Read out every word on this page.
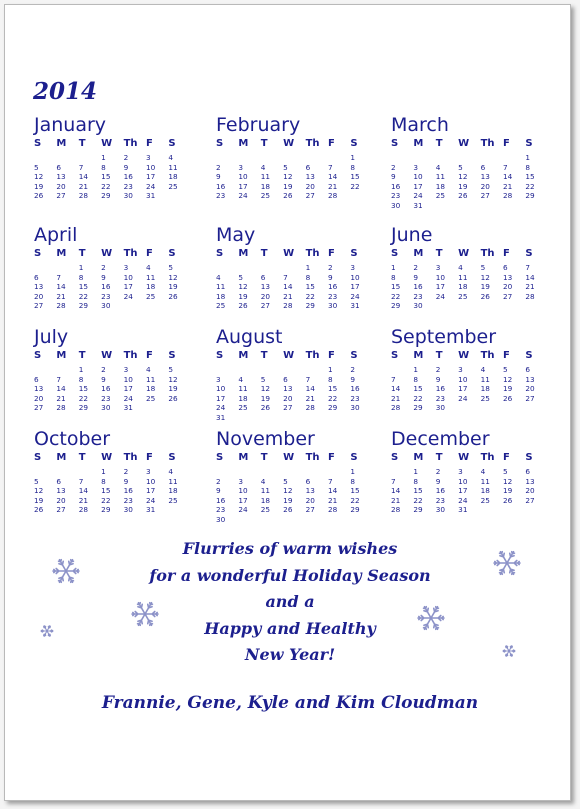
2014
January
S	M	T	W	Th	F	S
			1	2	3	4
5	6	7	8	9	10	11
12	13	14	15	16	17	18
19	20	21	22	23	24	25
26	27	28	29	30	31	
February
S	M	T	W	Th	F	S
						1
2	3	4	5	6	7	8
9	10	11	12	13	14	15
16	17	18	19	20	21	22
23	24	25	26	27	28	
March
S	M	T	W	Th	F	S
						1
2	3	4	5	6	7	8
9	10	11	12	13	14	15
16	17	18	19	20	21	22
23	24	25	26	27	28	29
30	31					
April
S	M	T	W	Th	F	S
		1	2	3	4	5
6	7	8	9	10	11	12
13	14	15	16	17	18	19
20	21	22	23	24	25	26
27	28	29	30			
May
S	M	T	W	Th	F	S
				1	2	3
4	5	6	7	8	9	10
11	12	13	14	15	16	17
18	19	20	21	22	23	24
25	26	27	28	29	30	31
June
S	M	T	W	Th	F	S
1	2	3	4	5	6	7
8	9	10	11	12	13	14
15	16	17	18	19	20	21
22	23	24	25	26	27	28
29	30					
July
S	M	T	W	Th	F	S
		1	2	3	4	5
6	7	8	9	10	11	12
13	14	15	16	17	18	19
20	21	22	23	24	25	26
27	28	29	30	31		
August
S	M	T	W	Th	F	S
					1	2
3	4	5	6	7	8	9
10	11	12	13	14	15	16
17	18	19	20	21	22	23
24	25	26	27	28	29	30
31						
September
S	M	T	W	Th	F	S
	1	2	3	4	5	6
7	8	9	10	11	12	13
14	15	16	17	18	19	20
21	22	23	24	25	26	27
28	29	30				
October
S	M	T	W	Th	F	S
			1	2	3	4
5	6	7	8	9	10	11
12	13	14	15	16	17	18
19	20	21	22	23	24	25
26	27	28	29	30	31	
November
S	M	T	W	Th	F	S
						1
2	3	4	5	6	7	8
9	10	11	12	13	14	15
16	17	18	19	20	21	22
23	24	25	26	27	28	29
30						
December
S	M	T	W	Th	F	S
	1	2	3	4	5	6
7	8	9	10	11	12	13
14	15	16	17	18	19	20
21	22	23	24	25	26	27
28	29	30	31			
Flurries of warm wishes
for a wonderful Holiday Season
and a
Happy and Healthy
New Year!
Frannie, Gene, Kyle and Kim Cloudman
